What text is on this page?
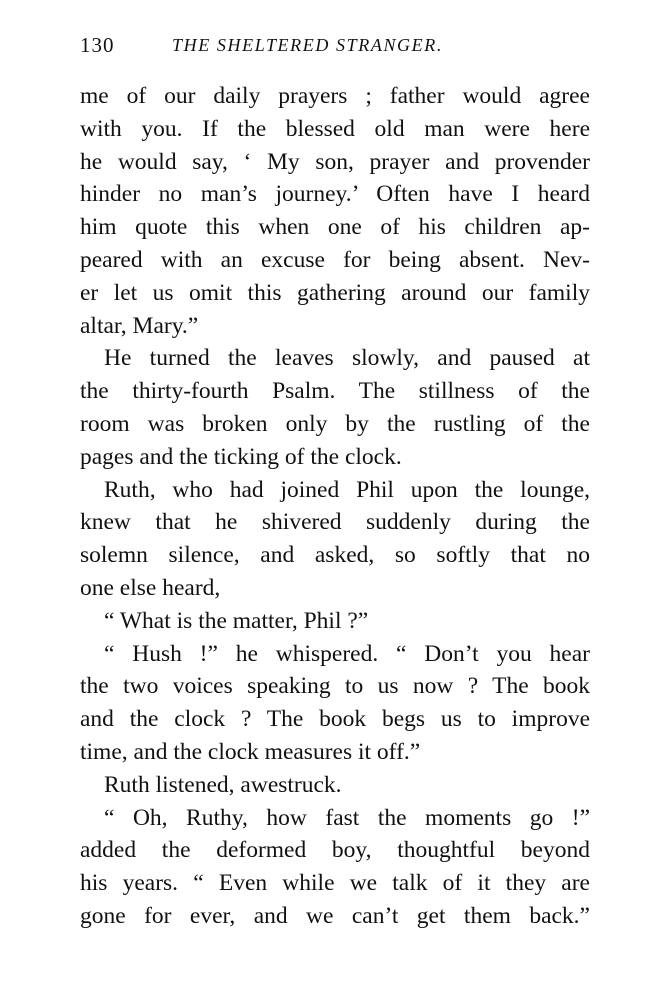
130	THE SHELTERED STRANGER.
me of our daily prayers ; father would agree
with you. If the blessed old man were here
he would say, ‘ My son, prayer and provender
hinder no man’s journey.’ Often have I heard
him quote this when one of his children ap-
peared with an excuse for being absent. Nev-
er let us omit this gathering around our family
altar, Mary.”
He turned the leaves slowly, and paused at
the thirty-fourth Psalm. The stillness of the
room was broken only by the rustling of the
pages and the ticking of the clock.
Ruth, who had joined Phil upon the lounge,
knew that he shivered suddenly during the
solemn silence, and asked, so softly that no
one else heard,
“ What is the matter, Phil ?”
“ Hush !” he whispered. “ Don’t you hear
the two voices speaking to us now ? The book
and the clock ? The book begs us to improve
time, and the clock measures it off.”
Ruth listened, awestruck.
“ Oh, Ruthy, how fast the moments go !”
added the deformed boy, thoughtful beyond
his years. “ Even while we talk of it they are
gone for ever, and we can’t get them back.”
